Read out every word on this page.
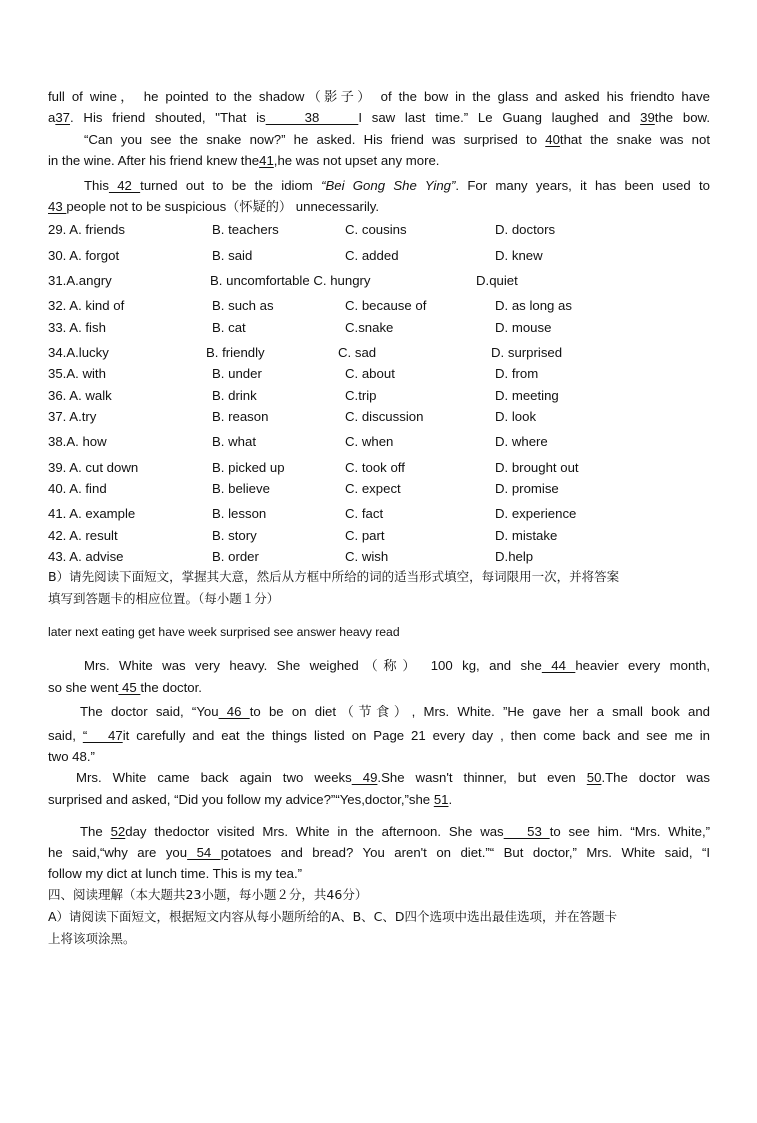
full of wine， he pointed to the shadow（影子） of the bow in the glass and asked his friendto have
a37. His friend shouted, "That is    38    I saw last time.” Le Guang laughed and 39the bow.
“Can you see the snake now?” he asked. His friend was surprised to 40that the snake was not
in the wine. After his friend knew the41,he was not upset any more.
This 42 turned out to be the idiom “Bei Gong She Ying”. For many years, it has been used to
43 people not to be suspicious（怀疑的） unnecessarily.
29. A. friends	B. teachers	C. cousins	D. doctors
30. A. forgot	B. said	C. added	D. knew
31.A.angry	B. uncomfortable C. hungry	D.quiet
32. A. kind of	B. such as	C. because of	D. as long as
33. A. fish	B. cat	C.snake	D. mouse
34.A.lucky	B. friendly	C. sad	D. surprised
35.A. with	B. under	C. about	D. from
36. A. walk	B. drink	C.trip	D. meeting
37. A.try	B. reason	C. discussion	D. look
38.A. how	B. what	C. when	D. where
39. A. cut down	B. picked up	C. took off	D. brought out
40. A. find	B. believe	C. expect	D. promise
41. A. example	B. lesson	C. fact	D. experience
42. A. result	B. story	C. part	D. mistake
43. A. advise	B. order	C. wish	D.help
B）请先阅读下面短文，掌握其大意，然后从方框中所给的词的适当形式填空，每词限用一次，并将答案
填写到答题卡的相应位置。（每小题１分）
later next eating get have week surprised see answer heavy read
Mrs. White was very heavy. She weighed（称） 100 kg, and she 44 heavier every month,
so she went 45 the doctor.
The doctor said, “You 46 to be on diet（节食）, Mrs. White. ”He gave her a small book and
said, “   47it carefully and eat the things listed on Page 21 every day , then come back and see me in
two 48.”
Mrs. White came back again two weeks 49.She wasn't thinner, but even 50.The doctor was
surprised and asked, “Did you follow my advice?”“Yes,doctor,”she 51.
The 52day thedoctor visited Mrs. White in the afternoon. She was   53 to see him. “Mrs. White,”
he said,“why are you 54 potatoes and bread? You aren't on diet.”“ But doctor,” Mrs. White said, “I
follow my dict at lunch time. This is my tea.”
四、阅读理解（本大题共23小题，每小题２分，共46分）
A）请阅读下面短文，根据短文内容从每小题所给的A、B、C、D四个选项中选出最佳选项，并在答题卡
上将该项涂黑。
